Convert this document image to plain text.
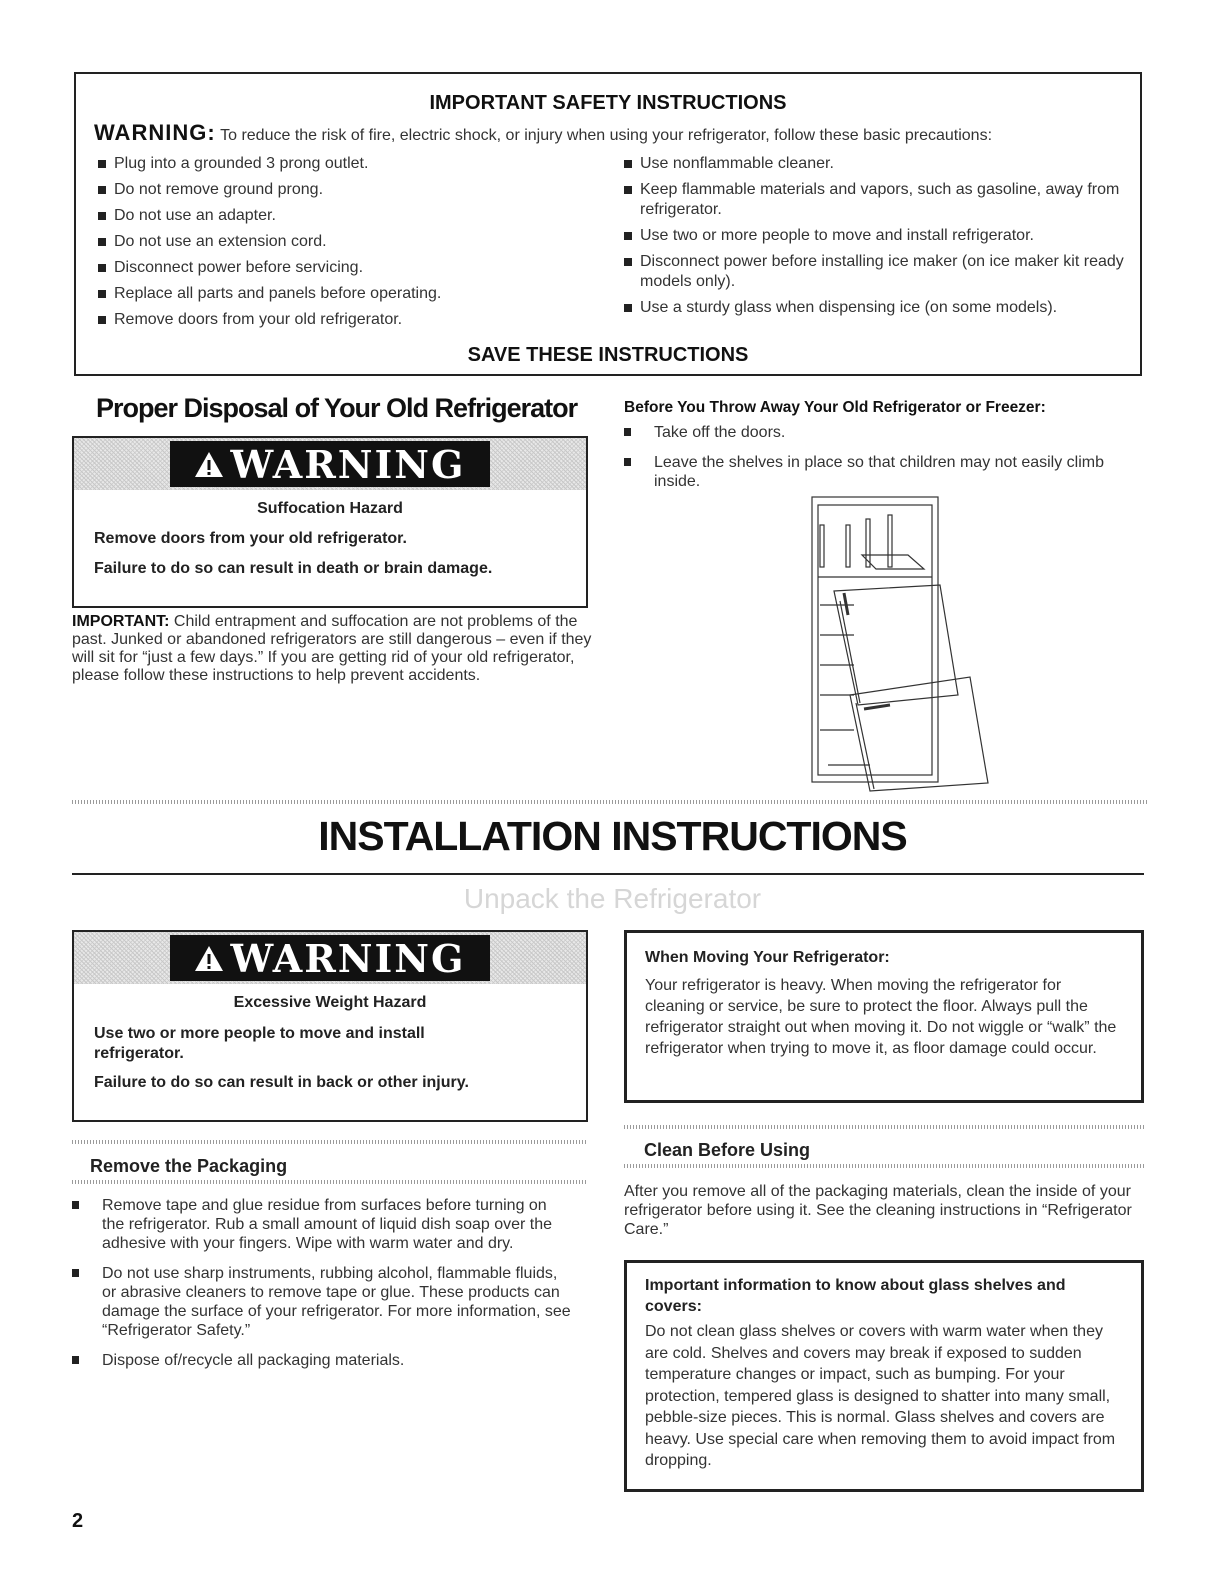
IMPORTANT SAFETY INSTRUCTIONS
WARNING: To reduce the risk of fire, electric shock, or injury when using your refrigerator, follow these basic precautions:
Plug into a grounded 3 prong outlet.
Do not remove ground prong.
Do not use an adapter.
Do not use an extension cord.
Disconnect power before servicing.
Replace all parts and panels before operating.
Remove doors from your old refrigerator.
Use nonflammable cleaner.
Keep flammable materials and vapors, such as gasoline, away from refrigerator.
Use two or more people to move and install refrigerator.
Disconnect power before installing ice maker (on ice maker kit ready models only).
Use a sturdy glass when dispensing ice (on some models).
SAVE THESE INSTRUCTIONS
Proper Disposal of Your Old Refrigerator
WARNING
Suffocation Hazard
Remove doors from your old refrigerator.
Failure to do so can result in death or brain damage.
IMPORTANT: Child entrapment and suffocation are not problems of the past. Junked or abandoned refrigerators are still dangerous – even if they will sit for “just a few days.” If you are getting rid of your old refrigerator, please follow these instructions to help prevent accidents.
Before You Throw Away Your Old Refrigerator or Freezer:
Take off the doors.
Leave the shelves in place so that children may not easily climb inside.
INSTALLATION INSTRUCTIONS
Unpack the Refrigerator
WARNING
Excessive Weight Hazard
Use two or more people to move and install refrigerator.
Failure to do so can result in back or other injury.
When Moving Your Refrigerator:
Your refrigerator is heavy. When moving the refrigerator for cleaning or service, be sure to protect the floor. Always pull the refrigerator straight out when moving it. Do not wiggle or “walk” the refrigerator when trying to move it, as floor damage could occur.
Remove the Packaging
Remove tape and glue residue from surfaces before turning on the refrigerator. Rub a small amount of liquid dish soap over the adhesive with your fingers. Wipe with warm water and dry.
Do not use sharp instruments, rubbing alcohol, flammable fluids, or abrasive cleaners to remove tape or glue. These products can damage the surface of your refrigerator. For more information, see “Refrigerator Safety.”
Dispose of/recycle all packaging materials.
Clean Before Using
After you remove all of the packaging materials, clean the inside of your refrigerator before using it. See the cleaning instructions in “Refrigerator Care.”
Important information to know about glass shelves and covers:
Do not clean glass shelves or covers with warm water when they are cold. Shelves and covers may break if exposed to sudden temperature changes or impact, such as bumping. For your protection, tempered glass is designed to shatter into many small, pebble-size pieces. This is normal. Glass shelves and covers are heavy. Use special care when removing them to avoid impact from dropping.
2
